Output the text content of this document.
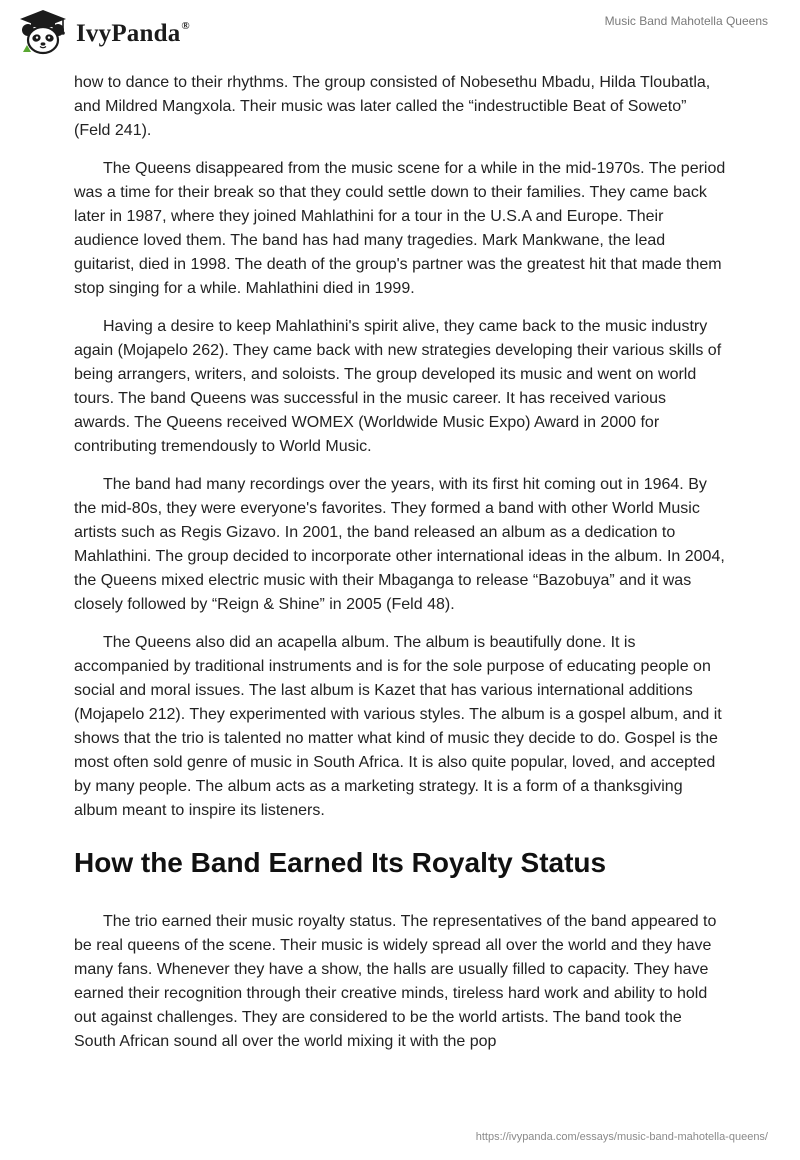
IvyPanda®	Music Band Mahotella Queens

how to dance to their rhythms. The group consisted of Nobesethu Mbadu, Hilda Tloubatla, and Mildred Mangxola. Their music was later called the “indestructible Beat of Soweto” (Feld 241).

The Queens disappeared from the music scene for a while in the mid-1970s. The period was a time for their break so that they could settle down to their families. They came back later in 1987, where they joined Mahlathini for a tour in the U.S.A and Europe. Their audience loved them. The band has had many tragedies. Mark Mankwane, the lead guitarist, died in 1998. The death of the group's partner was the greatest hit that made them stop singing for a while. Mahlathini died in 1999.

Having a desire to keep Mahlathini's spirit alive, they came back to the music industry again (Mojapelo 262). They came back with new strategies developing their various skills of being arrangers, writers, and soloists. The group developed its music and went on world tours. The band Queens was successful in the music career. It has received various awards. The Queens received WOMEX (Worldwide Music Expo) Award in 2000 for contributing tremendously to World Music.

The band had many recordings over the years, with its first hit coming out in 1964. By the mid-80s, they were everyone's favorites. They formed a band with other World Music artists such as Regis Gizavo. In 2001, the band released an album as a dedication to Mahlathini. The group decided to incorporate other international ideas in the album. In 2004, the Queens mixed electric music with their Mbaganga to release “Bazobuya” and it was closely followed by “Reign & Shine” in 2005 (Feld 48).

The Queens also did an acapella album. The album is beautifully done. It is accompanied by traditional instruments and is for the sole purpose of educating people on social and moral issues. The last album is Kazet that has various international additions (Mojapelo 212). They experimented with various styles. The album is a gospel album, and it shows that the trio is talented no matter what kind of music they decide to do. Gospel is the most often sold genre of music in South Africa. It is also quite popular, loved, and accepted by many people. The album acts as a marketing strategy. It is a form of a thanksgiving album meant to inspire its listeners.

How the Band Earned Its Royalty Status

The trio earned their music royalty status. The representatives of the band appeared to be real queens of the scene. Their music is widely spread all over the world and they have many fans. Whenever they have a show, the halls are usually filled to capacity. They have earned their recognition through their creative minds, tireless hard work and ability to hold out against challenges. They are considered to be the world artists. The band took the South African sound all over the world mixing it with the pop

https://ivypanda.com/essays/music-band-mahotella-queens/
